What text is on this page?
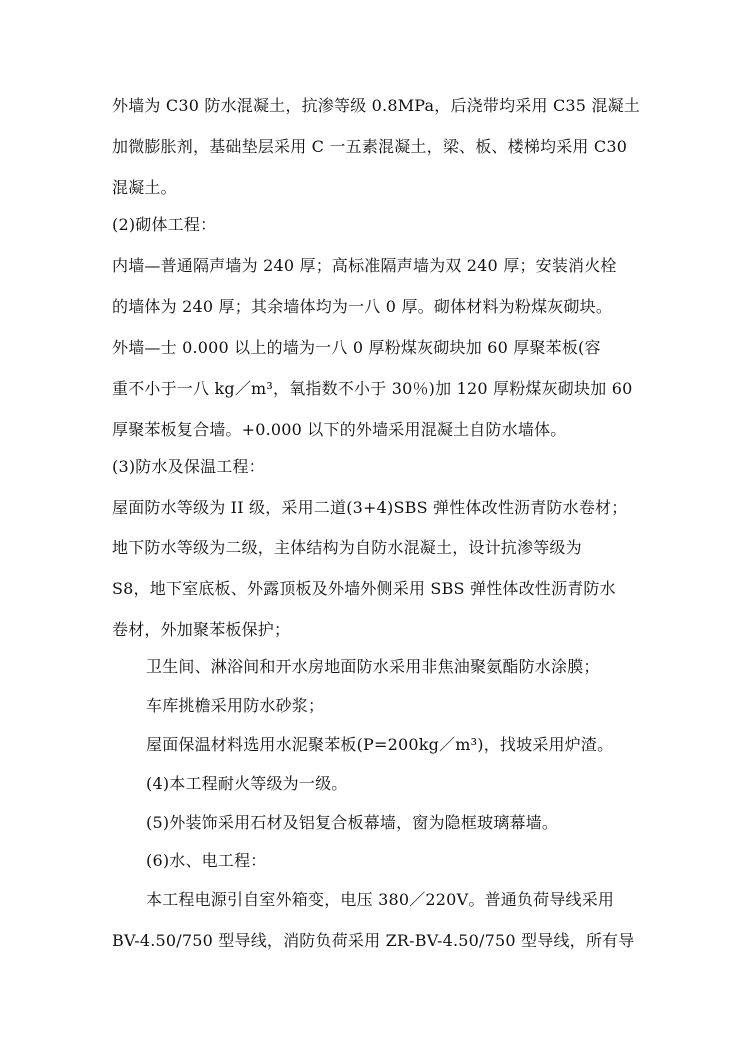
外墙为 C30 防水混凝土，抗渗等级 0.8MPa，后浇带均采用 C35 混凝土
加微膨胀剂，基础垫层采用 C 一五素混凝土，梁、板、楼梯均采用 C30
混凝土。
(2)砌体工程：
内墙—普通隔声墙为 240 厚；高标准隔声墙为双 240 厚；安装消火栓
的墙体为 240 厚；其余墙体均为一八 0 厚。砌体材料为粉煤灰砌块。
外墙—士 0.000 以上的墙为一八 0 厚粉煤灰砌块加 60 厚聚苯板(容
重不小于一八 kg／m³，氧指数不小于 30％)加 120 厚粉煤灰砌块加 60
厚聚苯板复合墙。+0.000 以下的外墙采用混凝土自防水墙体。
(3)防水及保温工程：
屋面防水等级为 II 级，采用二道(3+4)SBS 弹性体改性沥青防水卷材；
地下防水等级为二级，主体结构为自防水混凝土，设计抗渗等级为
S8，地下室底板、外露顶板及外墙外侧采用 SBS 弹性体改性沥青防水
卷材，外加聚苯板保护；
卫生间、淋浴间和开水房地面防水采用非焦油聚氨酯防水涂膜；
车库挑檐采用防水砂浆；
屋面保温材料选用水泥聚苯板(P=200kg／m³)，找坡采用炉渣。
(4)本工程耐火等级为一级。
(5)外装饰采用石材及铝复合板幕墙，窗为隐框玻璃幕墙。
(6)水、电工程：
本工程电源引自室外箱变，电压 380／220V。普通负荷导线采用
BV-4.50/750 型导线，消防负荷采用 ZR-BV-4.50/750 型导线，所有导
